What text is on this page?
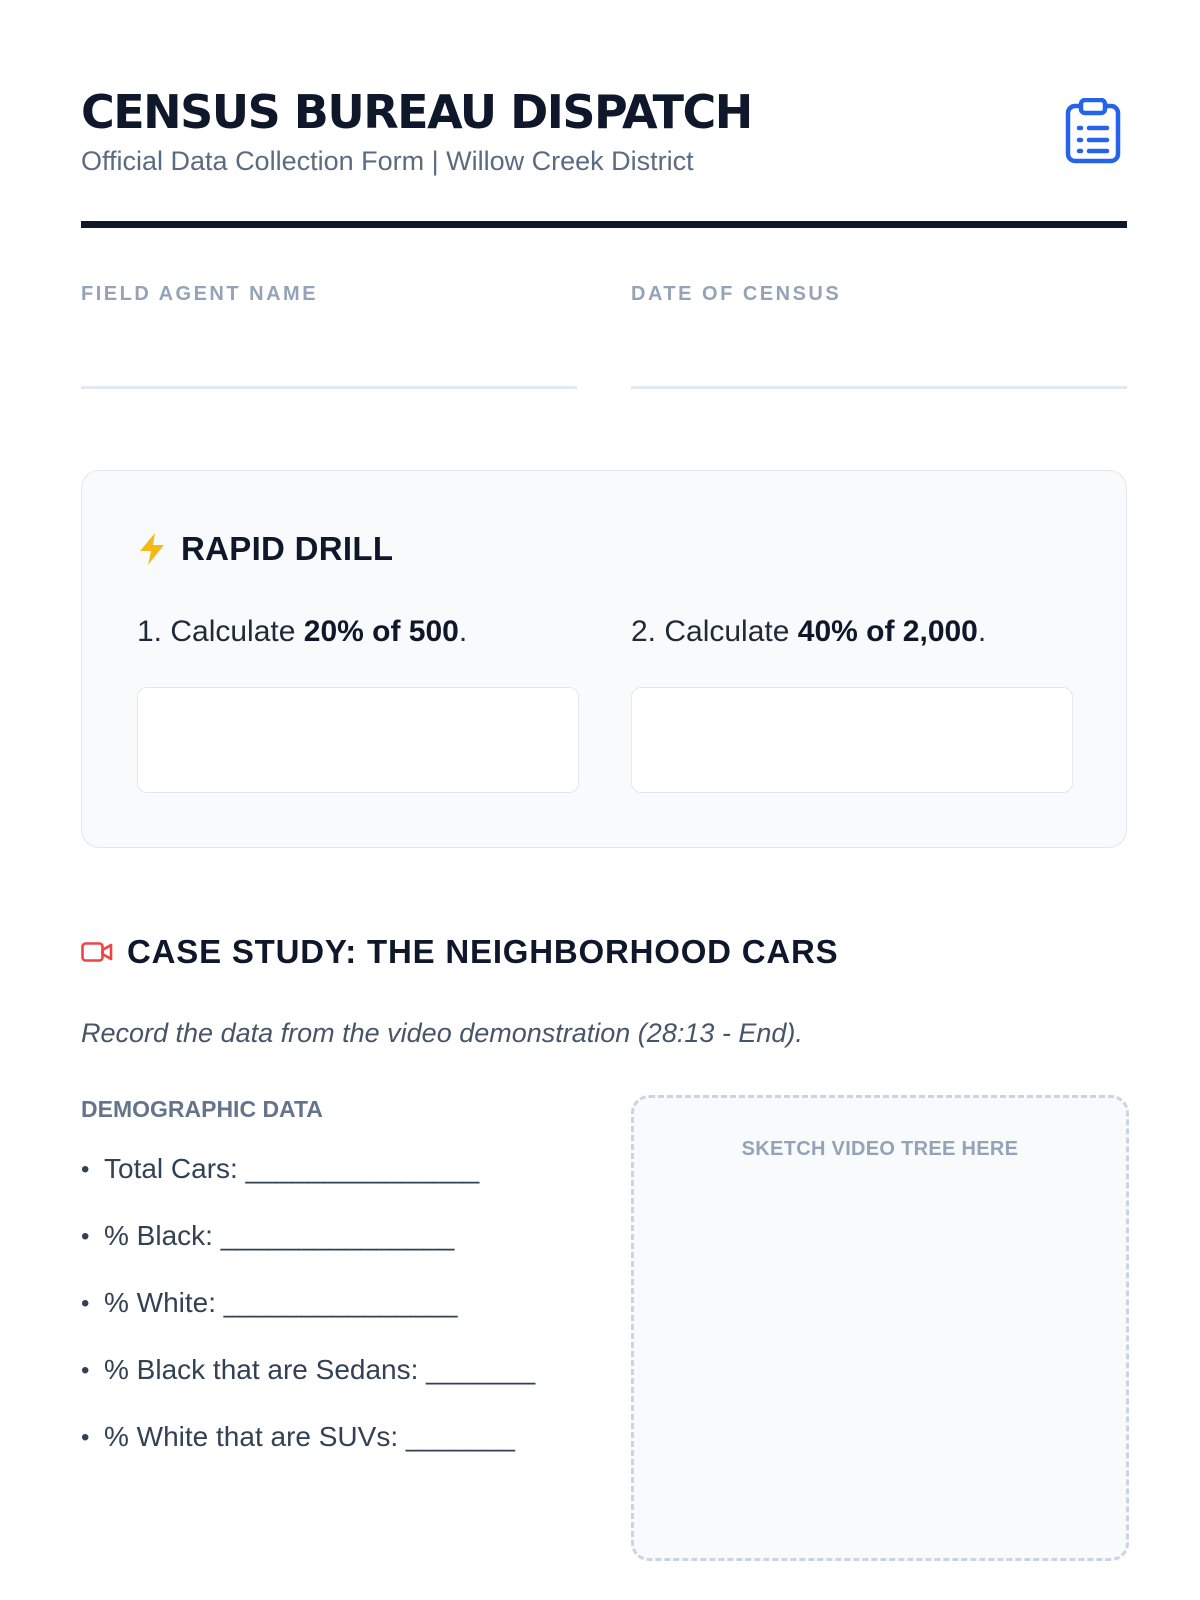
CENSUS BUREAU DISPATCH
Official Data Collection Form | Willow Creek District
FIELD AGENT NAME	DATE OF CENSUS
RAPID DRILL
1. Calculate 20% of 500.	2. Calculate 40% of 2,000.
CASE STUDY: THE NEIGHBORHOOD CARS
Record the data from the video demonstration (28:13 - End).
DEMOGRAPHIC DATA
• Total Cars: _______________
• % Black: _______________
• % White: _______________
• % Black that are Sedans: _______
• % White that are SUVs: _______
SKETCH VIDEO TREE HERE
